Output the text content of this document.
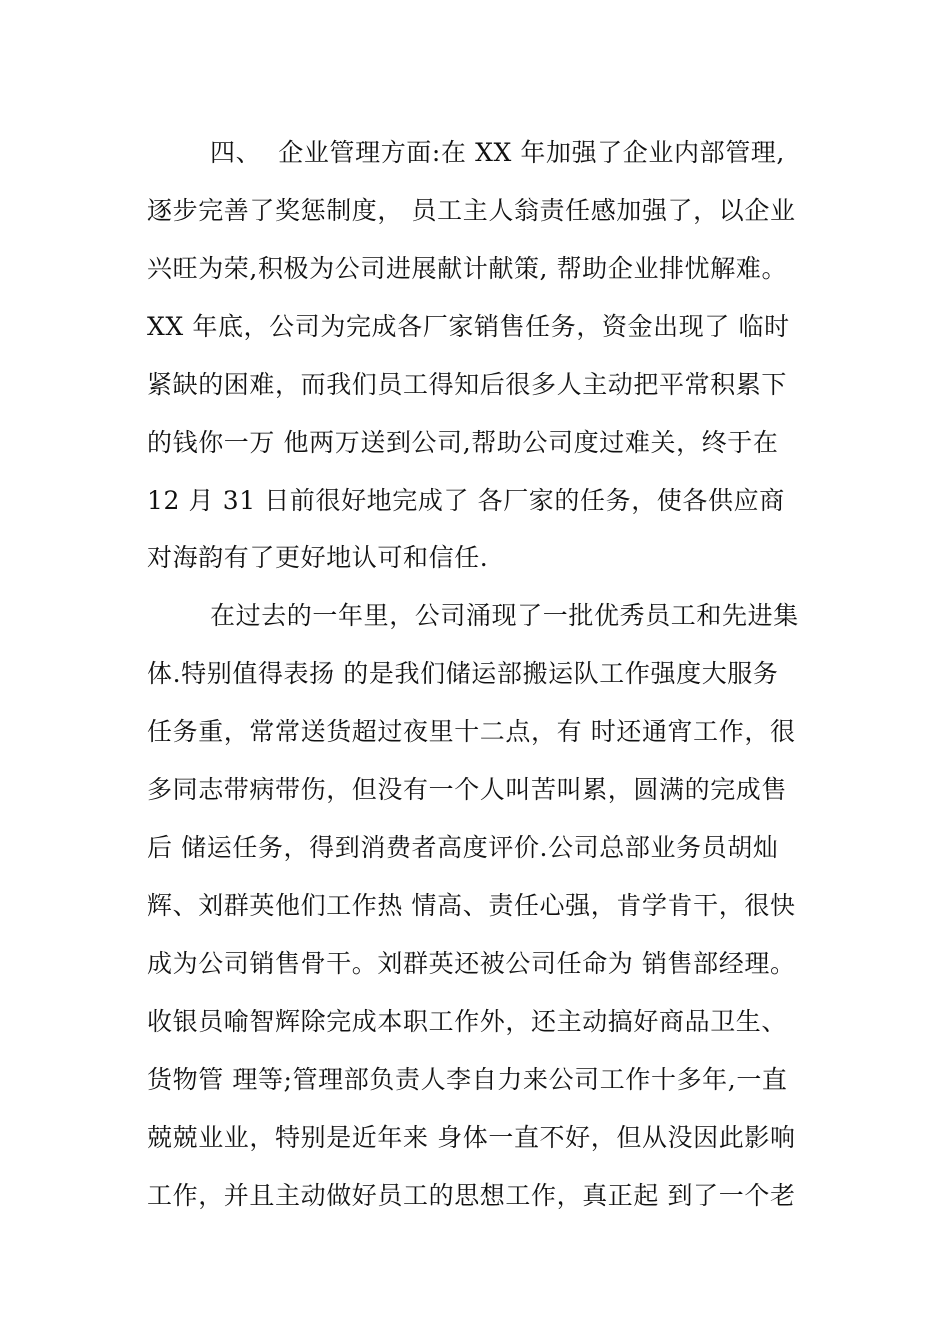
四、  企业管理方面:在 XX 年加强了企业内部管理,
逐步完善了奖惩制度， 员工主人翁责任感加强了，以企业
兴旺为荣,积极为公司进展献计献策, 帮助企业排忧解难。
XX 年底，公司为完成各厂家销售任务，资金出现了 临时
紧缺的困难，而我们员工得知后很多人主动把平常积累下
的钱你一万 他两万送到公司,帮助公司度过难关，终于在
12 月 31 日前很好地完成了 各厂家的任务，使各供应商
对海韵有了更好地认可和信任.
在过去的一年里，公司涌现了一批优秀员工和先进集
体.特别值得表扬 的是我们储运部搬运队工作强度大服务
任务重，常常送货超过夜里十二点，有 时还通宵工作，很
多同志带病带伤，但没有一个人叫苦叫累，圆满的完成售
后 储运任务，得到消费者高度评价.公司总部业务员胡灿
辉、刘群英他们工作热 情高、责任心强，肯学肯干，很快
成为公司销售骨干。刘群英还被公司任命为 销售部经理。
收银员喻智辉除完成本职工作外，还主动搞好商品卫生、
货物管 理等;管理部负责人李自力来公司工作十多年,一直
兢兢业业，特别是近年来 身体一直不好，但从没因此影响
工作，并且主动做好员工的思想工作，真正起 到了一个老
